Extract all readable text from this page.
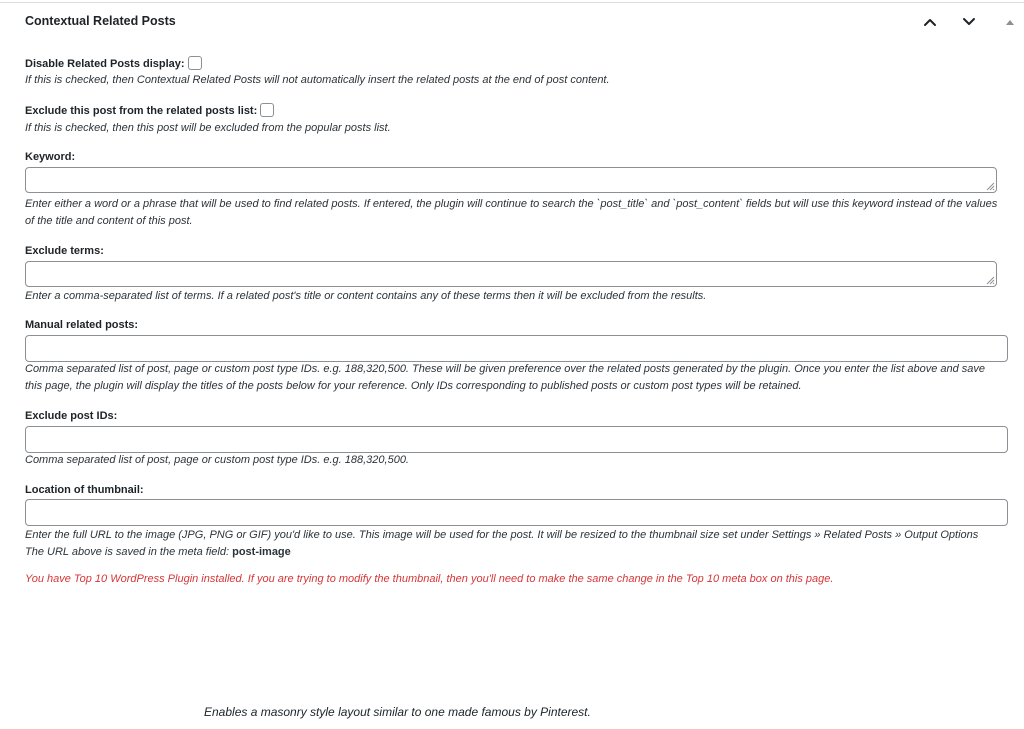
Contextual Related Posts
Disable Related Posts display:
If this is checked, then Contextual Related Posts will not automatically insert the related posts at the end of post content.
Exclude this post from the related posts list:
If this is checked, then this post will be excluded from the popular posts list.
Keyword:
Enter either a word or a phrase that will be used to find related posts. If entered, the plugin will continue to search the `post_title` and `post_content` fields but will use this keyword instead of the values of the title and content of this post.
Exclude terms:
Enter a comma-separated list of terms. If a related post's title or content contains any of these terms then it will be excluded from the results.
Manual related posts:
Comma separated list of post, page or custom post type IDs. e.g. 188,320,500. These will be given preference over the related posts generated by the plugin. Once you enter the list above and save this page, the plugin will display the titles of the posts below for your reference. Only IDs corresponding to published posts or custom post types will be retained.
Exclude post IDs:
Comma separated list of post, page or custom post type IDs. e.g. 188,320,500.
Location of thumbnail:
Enter the full URL to the image (JPG, PNG or GIF) you'd like to use. This image will be used for the post. It will be resized to the thumbnail size set under Settings » Related Posts » Output Options The URL above is saved in the meta field: post-image
You have Top 10 WordPress Plugin installed. If you are trying to modify the thumbnail, then you'll need to make the same change in the Top 10 meta box on this page.
Enables a masonry style layout similar to one made famous by Pinterest.
